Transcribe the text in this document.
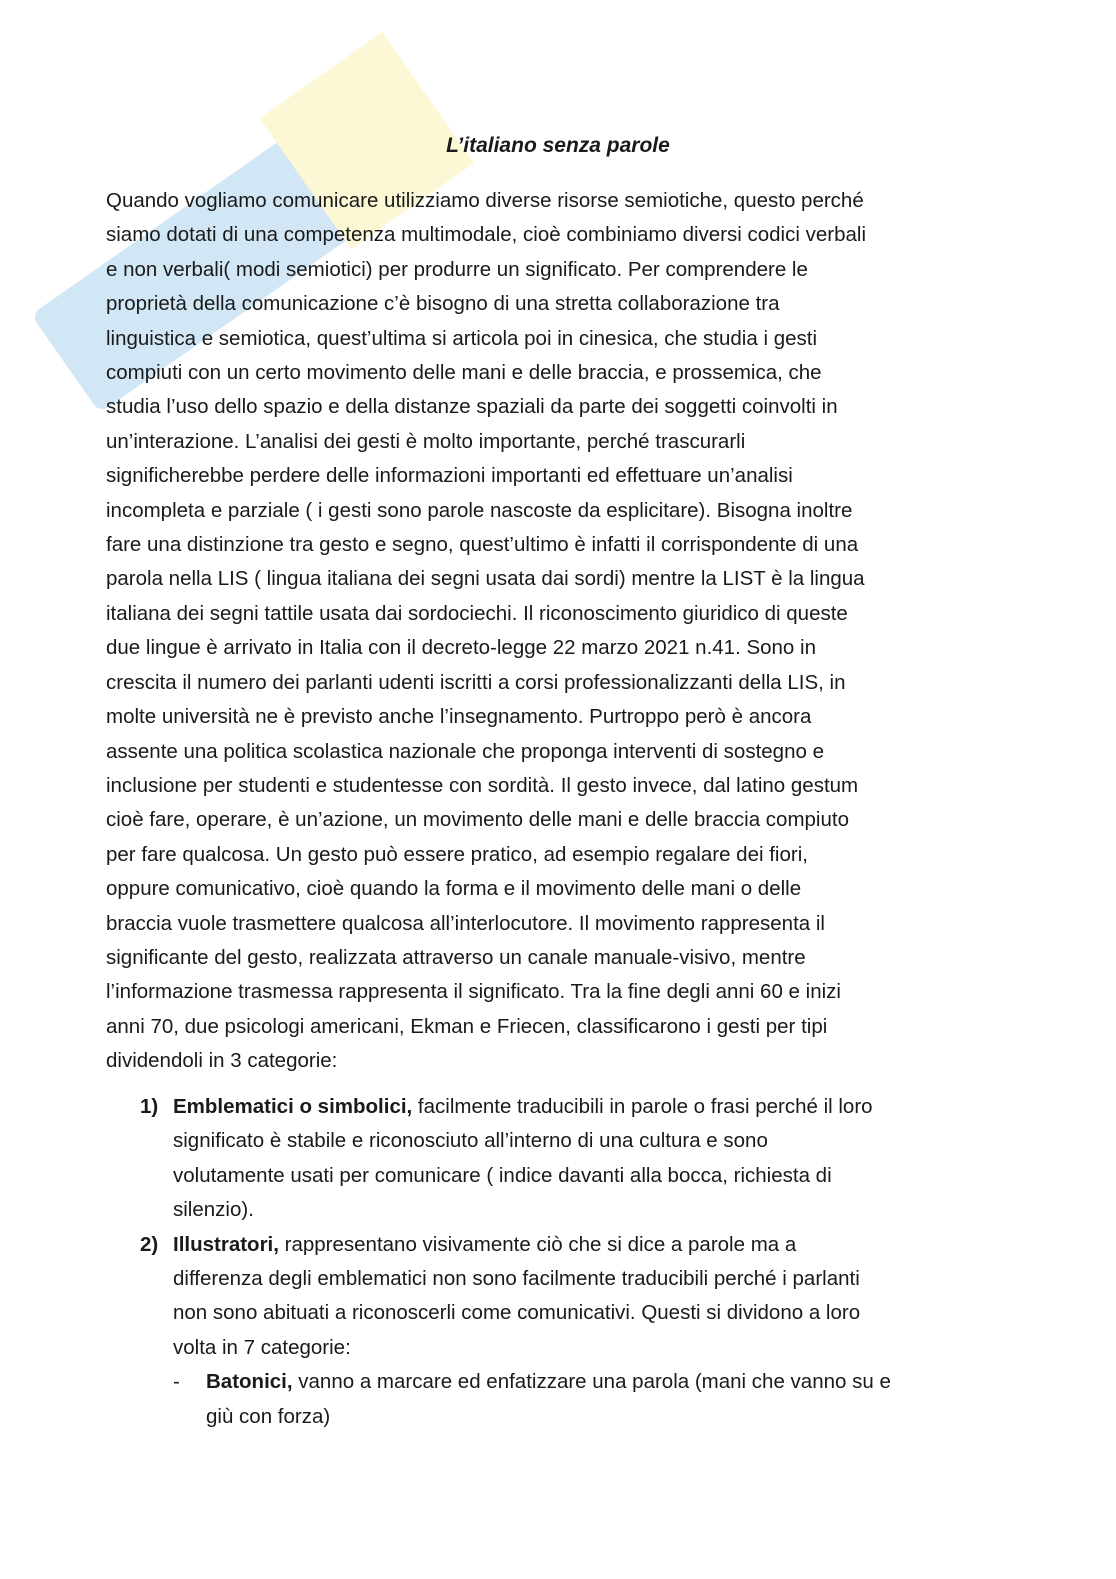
L’italiano senza parole
Quando vogliamo comunicare utilizziamo diverse risorse semiotiche, questo perché
siamo dotati di una competenza multimodale, cioè combiniamo diversi codici verbali
e non verbali( modi semiotici) per produrre un significato. Per comprendere le
proprietà della comunicazione c’è bisogno di una stretta collaborazione tra
linguistica e semiotica, quest’ultima si articola poi in cinesica, che studia i gesti
compiuti con un certo movimento delle mani e delle braccia, e prossemica, che
studia l’uso dello spazio e della distanze spaziali da parte dei soggetti coinvolti in
un’interazione. L’analisi dei gesti è molto importante, perché trascurarli
significherebbe perdere delle informazioni importanti ed effettuare un’analisi
incompleta e parziale ( i gesti sono parole nascoste da esplicitare). Bisogna inoltre
fare una distinzione tra gesto e segno, quest’ultimo è infatti il corrispondente di una
parola nella LIS ( lingua italiana dei segni usata dai sordi) mentre la LIST è la lingua
italiana dei segni tattile usata dai sordociechi. Il riconoscimento giuridico di queste
due lingue è arrivato in Italia con il decreto-legge 22 marzo 2021 n.41. Sono in
crescita il numero dei parlanti udenti iscritti a corsi professionalizzanti della LIS, in
molte università ne è previsto anche l’insegnamento. Purtroppo però è ancora
assente una politica scolastica nazionale che proponga interventi di sostegno e
inclusione per studenti e studentesse con sordità. Il gesto invece, dal latino gestum
cioè fare, operare, è un’azione, un movimento delle mani e delle braccia compiuto
per fare qualcosa. Un gesto può essere pratico, ad esempio regalare dei fiori,
oppure comunicativo, cioè quando la forma e il movimento delle mani o delle
braccia vuole trasmettere qualcosa all’interlocutore. Il movimento rappresenta il
significante del gesto, realizzata attraverso un canale manuale-visivo, mentre
l’informazione trasmessa rappresenta il significato. Tra la fine degli anni 60 e inizi
anni 70, due psicologi americani, Ekman e Friecen, classificarono i gesti per tipi
dividendoli in 3 categorie:
1) Emblematici o simbolici, facilmente traducibili in parole o frasi perché il loro
significato è stabile e riconosciuto all’interno di una cultura e sono
volutamente usati per comunicare ( indice davanti alla bocca, richiesta di
silenzio).
2) Illustratori, rappresentano visivamente ciò che si dice a parole ma a
differenza degli emblematici non sono facilmente traducibili perché i parlanti
non sono abituati a riconoscerli come comunicativi. Questi si dividono a loro
volta in 7 categorie:
- Batonici, vanno a marcare ed enfatizzare una parola (mani che vanno su e
giù con forza)
